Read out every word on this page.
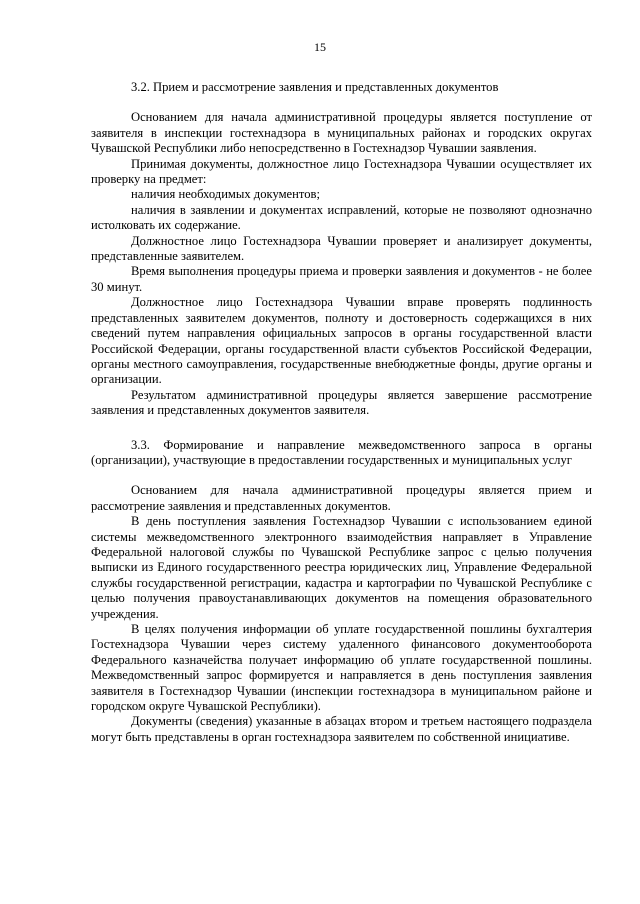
15

3.2. Прием и рассмотрение заявления и представленных документов

Основанием для начала административной процедуры является поступление от заявителя в инспекции гостехнадзора в муниципальных районах и городских округах Чувашской Республики либо непосредственно в Гостехнадзор Чувашии заявления.

Принимая документы, должностное лицо Гостехнадзора Чувашии осуществляет их проверку на предмет:

наличия необходимых документов;

наличия в заявлении и документах исправлений, которые не позволяют однозначно истолковать их содержание.

Должностное лицо Гостехнадзора Чувашии проверяет и анализирует документы, представленные заявителем.

Время выполнения процедуры приема и проверки заявления и документов - не более 30 минут.

Должностное лицо Гостехнадзора Чувашии вправе проверять подлинность представленных заявителем документов, полноту и достоверность содержащихся в них сведений путем направления официальных запросов в органы государственной власти Российской Федерации, органы государственной власти субъектов Российской Федерации, органы местного самоуправления, государственные внебюджетные фонды, другие органы и организации.

Результатом административной процедуры является завершение рассмотрение заявления и представленных документов заявителя.

3.3. Формирование и направление межведомственного запроса в органы (организации), участвующие в предоставлении государственных и муниципальных услуг

Основанием для начала административной процедуры является прием и рассмотрение заявления и представленных документов.

В день поступления заявления Гостехнадзор Чувашии с использованием единой системы межведомственного электронного взаимодействия направляет в Управление Федеральной налоговой службы по Чувашской Республике запрос с целью получения выписки из Единого государственного реестра юридических лиц, Управление Федеральной службы государственной регистрации, кадастра и картографии по Чувашской Республике с целью получения правоустанавливающих документов на помещения образовательного учреждения.

В целях получения информации об уплате государственной пошлины бухгалтерия Гостехнадзора Чувашии через систему удаленного финансового документооборота Федерального казначейства получает информацию об уплате государственной пошлины. Межведомственный запрос формируется и направляется в день поступления заявления заявителя в Гостехнадзор Чувашии (инспекции гостехнадзора в муниципальном районе и городском округе Чувашской Республики).

Документы (сведения) указанные в абзацах втором и третьем настоящего подраздела могут быть представлены в орган гостехнадзора заявителем по собственной инициативе.
